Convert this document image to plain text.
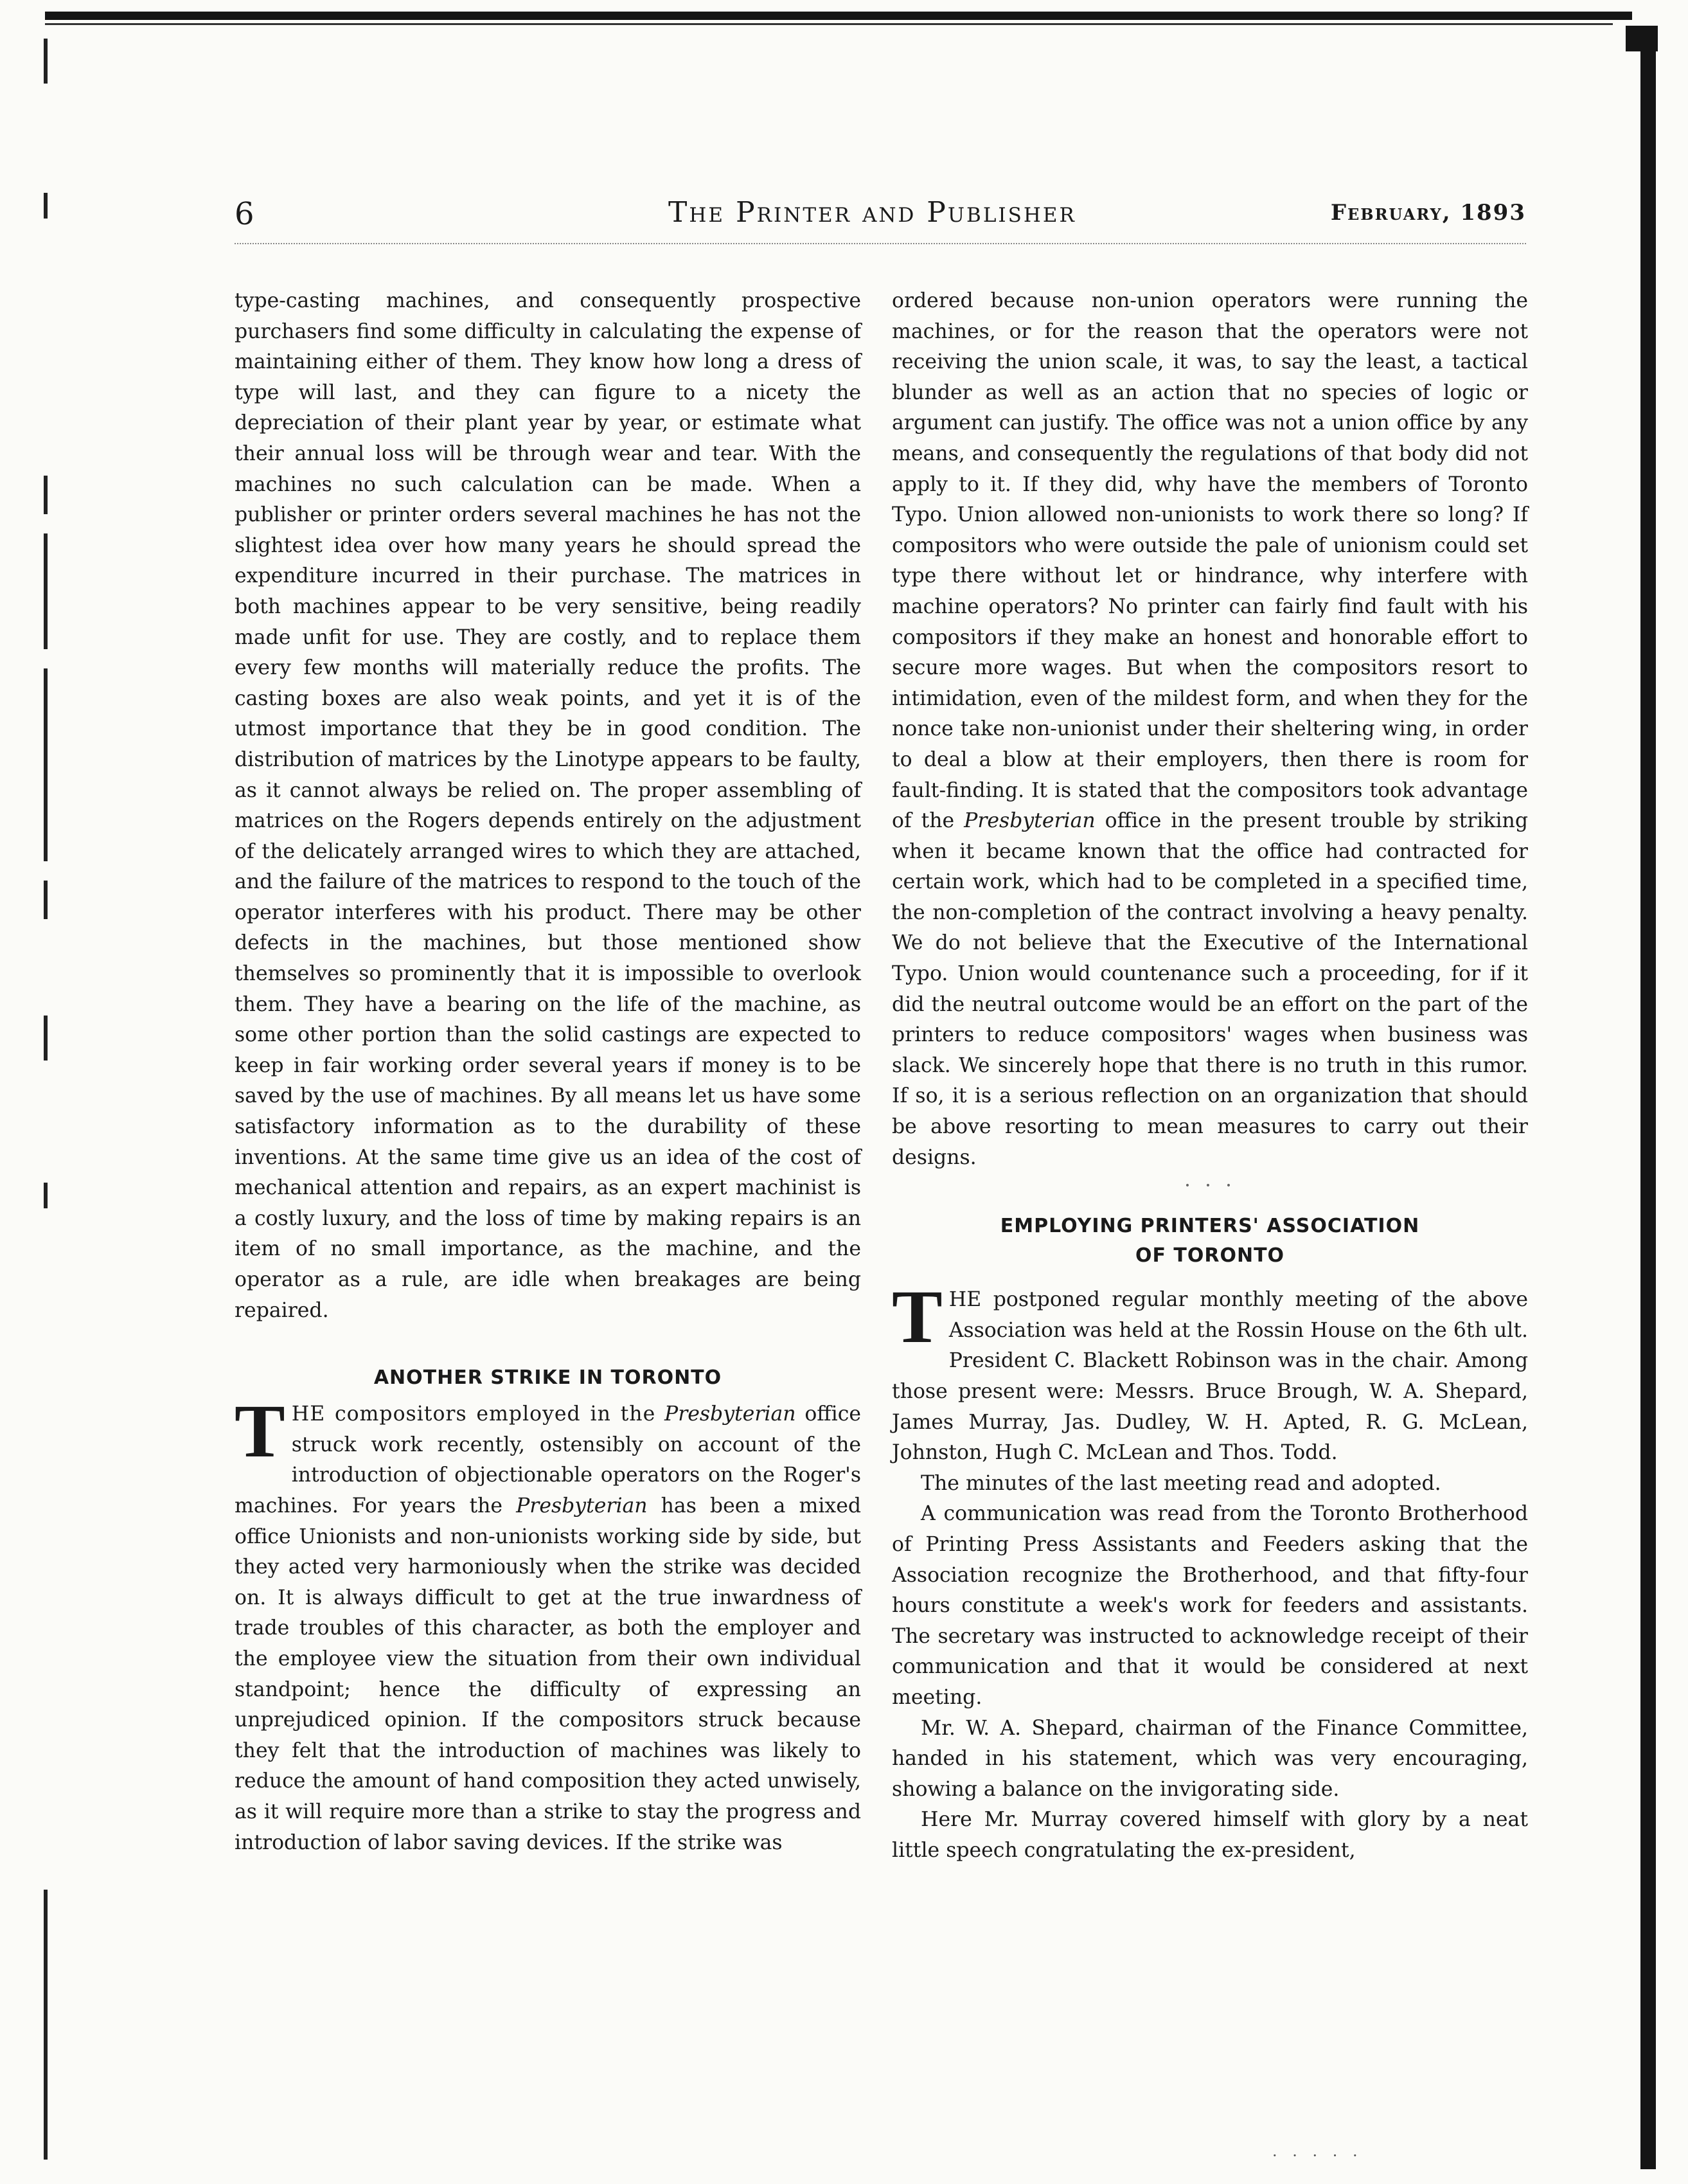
6	The Printer and Publisher	February, 1893

type-casting machines, and consequently prospective purchasers find some difficulty in calculating the expense of maintaining either of them. They know how long a dress of type will last, and they can figure to a nicety the depreciation of their plant year by year, or estimate what their annual loss will be through wear and tear. With the machines no such calculation can be made. When a publisher or printer orders several machines he has not the slightest idea over how many years he should spread the expenditure incurred in their purchase. The matrices in both machines appear to be very sensitive, being readily made unfit for use. They are costly, and to replace them every few months will materially reduce the profits. The casting boxes are also weak points, and yet it is of the utmost importance that they be in good condition. The distribution of matrices by the Linotype appears to be faulty, as it cannot always be relied on. The proper assembling of matrices on the Rogers depends entirely on the adjustment of the delicately arranged wires to which they are attached, and the failure of the matrices to respond to the touch of the operator interferes with his product. There may be other defects in the machines, but those mentioned show themselves so prominently that it is impossible to overlook them. They have a bearing on the life of the machine, as some other portion than the solid castings are expected to keep in fair working order several years if money is to be saved by the use of machines. By all means let us have some satisfactory information as to the durability of these inventions. At the same time give us an idea of the cost of mechanical attention and repairs, as an expert machinist is a costly luxury, and the loss of time by making repairs is an item of no small importance, as the machine, and the operator as a rule, are idle when breakages are being repaired.

ANOTHER STRIKE IN TORONTO

THE compositors employed in the Presbyterian office struck work recently, ostensibly on account of the introduction of objectionable operators on the Roger's machines. For years the Presbyterian has been a mixed office Unionists and non-unionists working side by side, but they acted very harmoniously when the strike was decided on. It is always difficult to get at the true inwardness of trade troubles of this character, as both the employer and the employee view the situation from their own individual standpoint; hence the difficulty of expressing an unprejudiced opinion. If the compositors struck because they felt that the introduction of machines was likely to reduce the amount of hand composition they acted unwisely, as it will require more than a strike to stay the progress and introduction of labor saving devices. If the strike was

ordered because non-union operators were running the machines, or for the reason that the operators were not receiving the union scale, it was, to say the least, a tactical blunder as well as an action that no species of logic or argument can justify. The office was not a union office by any means, and consequently the regulations of that body did not apply to it. If they did, why have the members of Toronto Typo. Union allowed non-unionists to work there so long? If compositors who were outside the pale of unionism could set type there without let or hindrance, why interfere with machine operators? No printer can fairly find fault with his compositors if they make an honest and honorable effort to secure more wages. But when the compositors resort to intimidation, even of the mildest form, and when they for the nonce take non-unionist under their sheltering wing, in order to deal a blow at their employers, then there is room for fault-finding. It is stated that the compositors took advantage of the Presbyterian office in the present trouble by striking when it became known that the office had contracted for certain work, which had to be completed in a specified time, the non-completion of the contract involving a heavy penalty. We do not believe that the Executive of the International Typo. Union would countenance such a proceeding, for if it did the neutral outcome would be an effort on the part of the printers to reduce compositors' wages when business was slack. We sincerely hope that there is no truth in this rumor. If so, it is a serious reflection on an organization that should be above resorting to mean measures to carry out their designs.

· · ·
EMPLOYING PRINTERS' ASSOCIATION
OF TORONTO

THE postponed regular monthly meeting of the above Association was held at the Rossin House on the 6th ult. President C. Blackett Robinson was in the chair. Among those present were: Messrs. Bruce Brough, W. A. Shepard, James Murray, Jas. Dudley, W. H. Apted, R. G. McLean, Johnston, Hugh C. McLean and Thos. Todd.

The minutes of the last meeting read and adopted.

A communication was read from the Toronto Brotherhood of Printing Press Assistants and Feeders asking that the Association recognize the Brotherhood, and that fifty-four hours constitute a week's work for feeders and assistants. The secretary was instructed to acknowledge receipt of their communication and that it would be considered at next meeting.

Mr. W. A. Shepard, chairman of the Finance Committee, handed in his statement, which was very encouraging, showing a balance on the invigorating side.

Here Mr. Murray covered himself with glory by a neat little speech congratulating the ex-president,

· · · · ·
